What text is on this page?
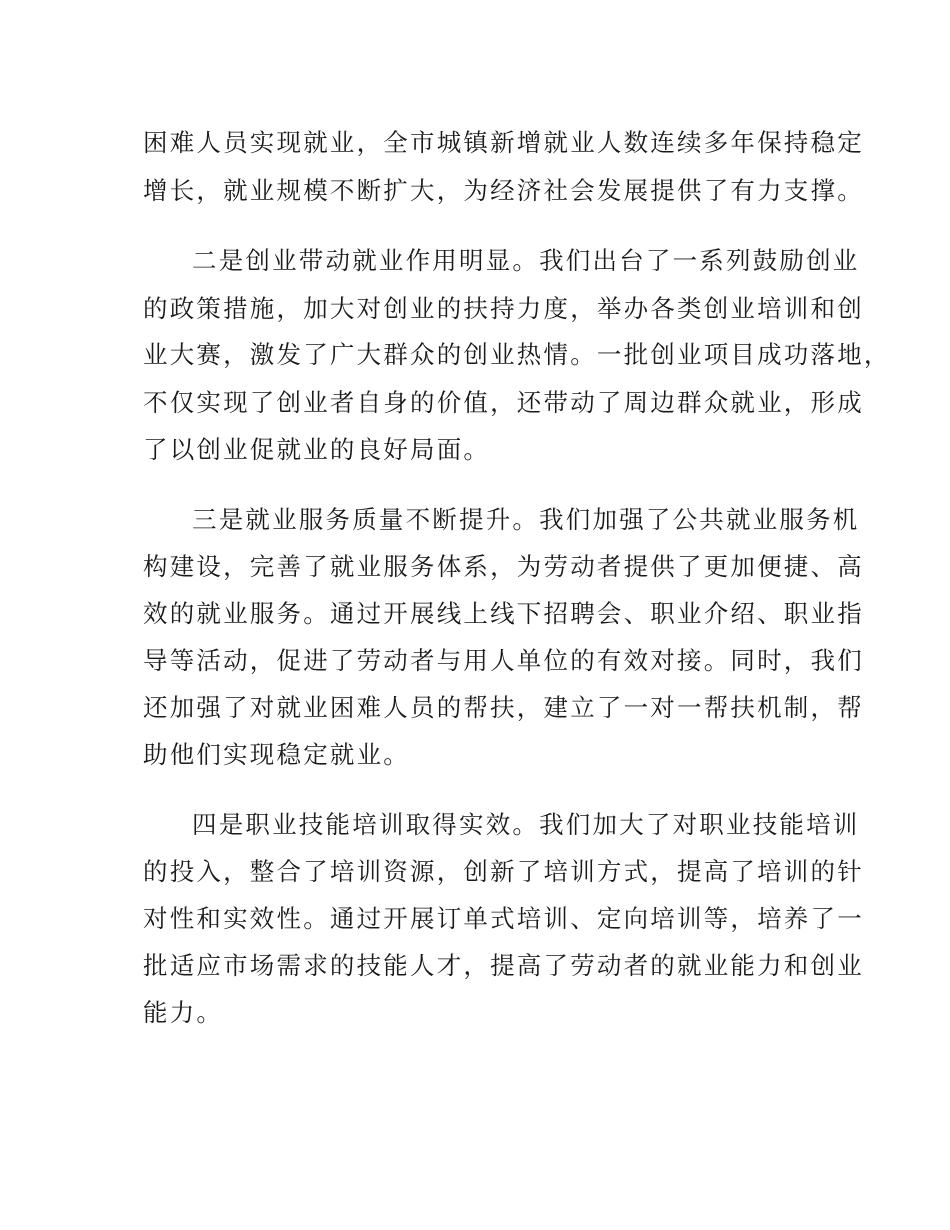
困难人员实现就业，全市城镇新增就业人数连续多年保持稳定
增长，就业规模不断扩大，为经济社会发展提供了有力支撑。
二是创业带动就业作用明显。我们出台了一系列鼓励创业
的政策措施，加大对创业的扶持力度，举办各类创业培训和创
业大赛，激发了广大群众的创业热情。一批创业项目成功落地，
不仅实现了创业者自身的价值，还带动了周边群众就业，形成
了以创业促就业的良好局面。
三是就业服务质量不断提升。我们加强了公共就业服务机
构建设，完善了就业服务体系，为劳动者提供了更加便捷、高
效的就业服务。通过开展线上线下招聘会、职业介绍、职业指
导等活动，促进了劳动者与用人单位的有效对接。同时，我们
还加强了对就业困难人员的帮扶，建立了一对一帮扶机制，帮
助他们实现稳定就业。
四是职业技能培训取得实效。我们加大了对职业技能培训
的投入，整合了培训资源，创新了培训方式，提高了培训的针
对性和实效性。通过开展订单式培训、定向培训等，培养了一
批适应市场需求的技能人才，提高了劳动者的就业能力和创业
能力。
